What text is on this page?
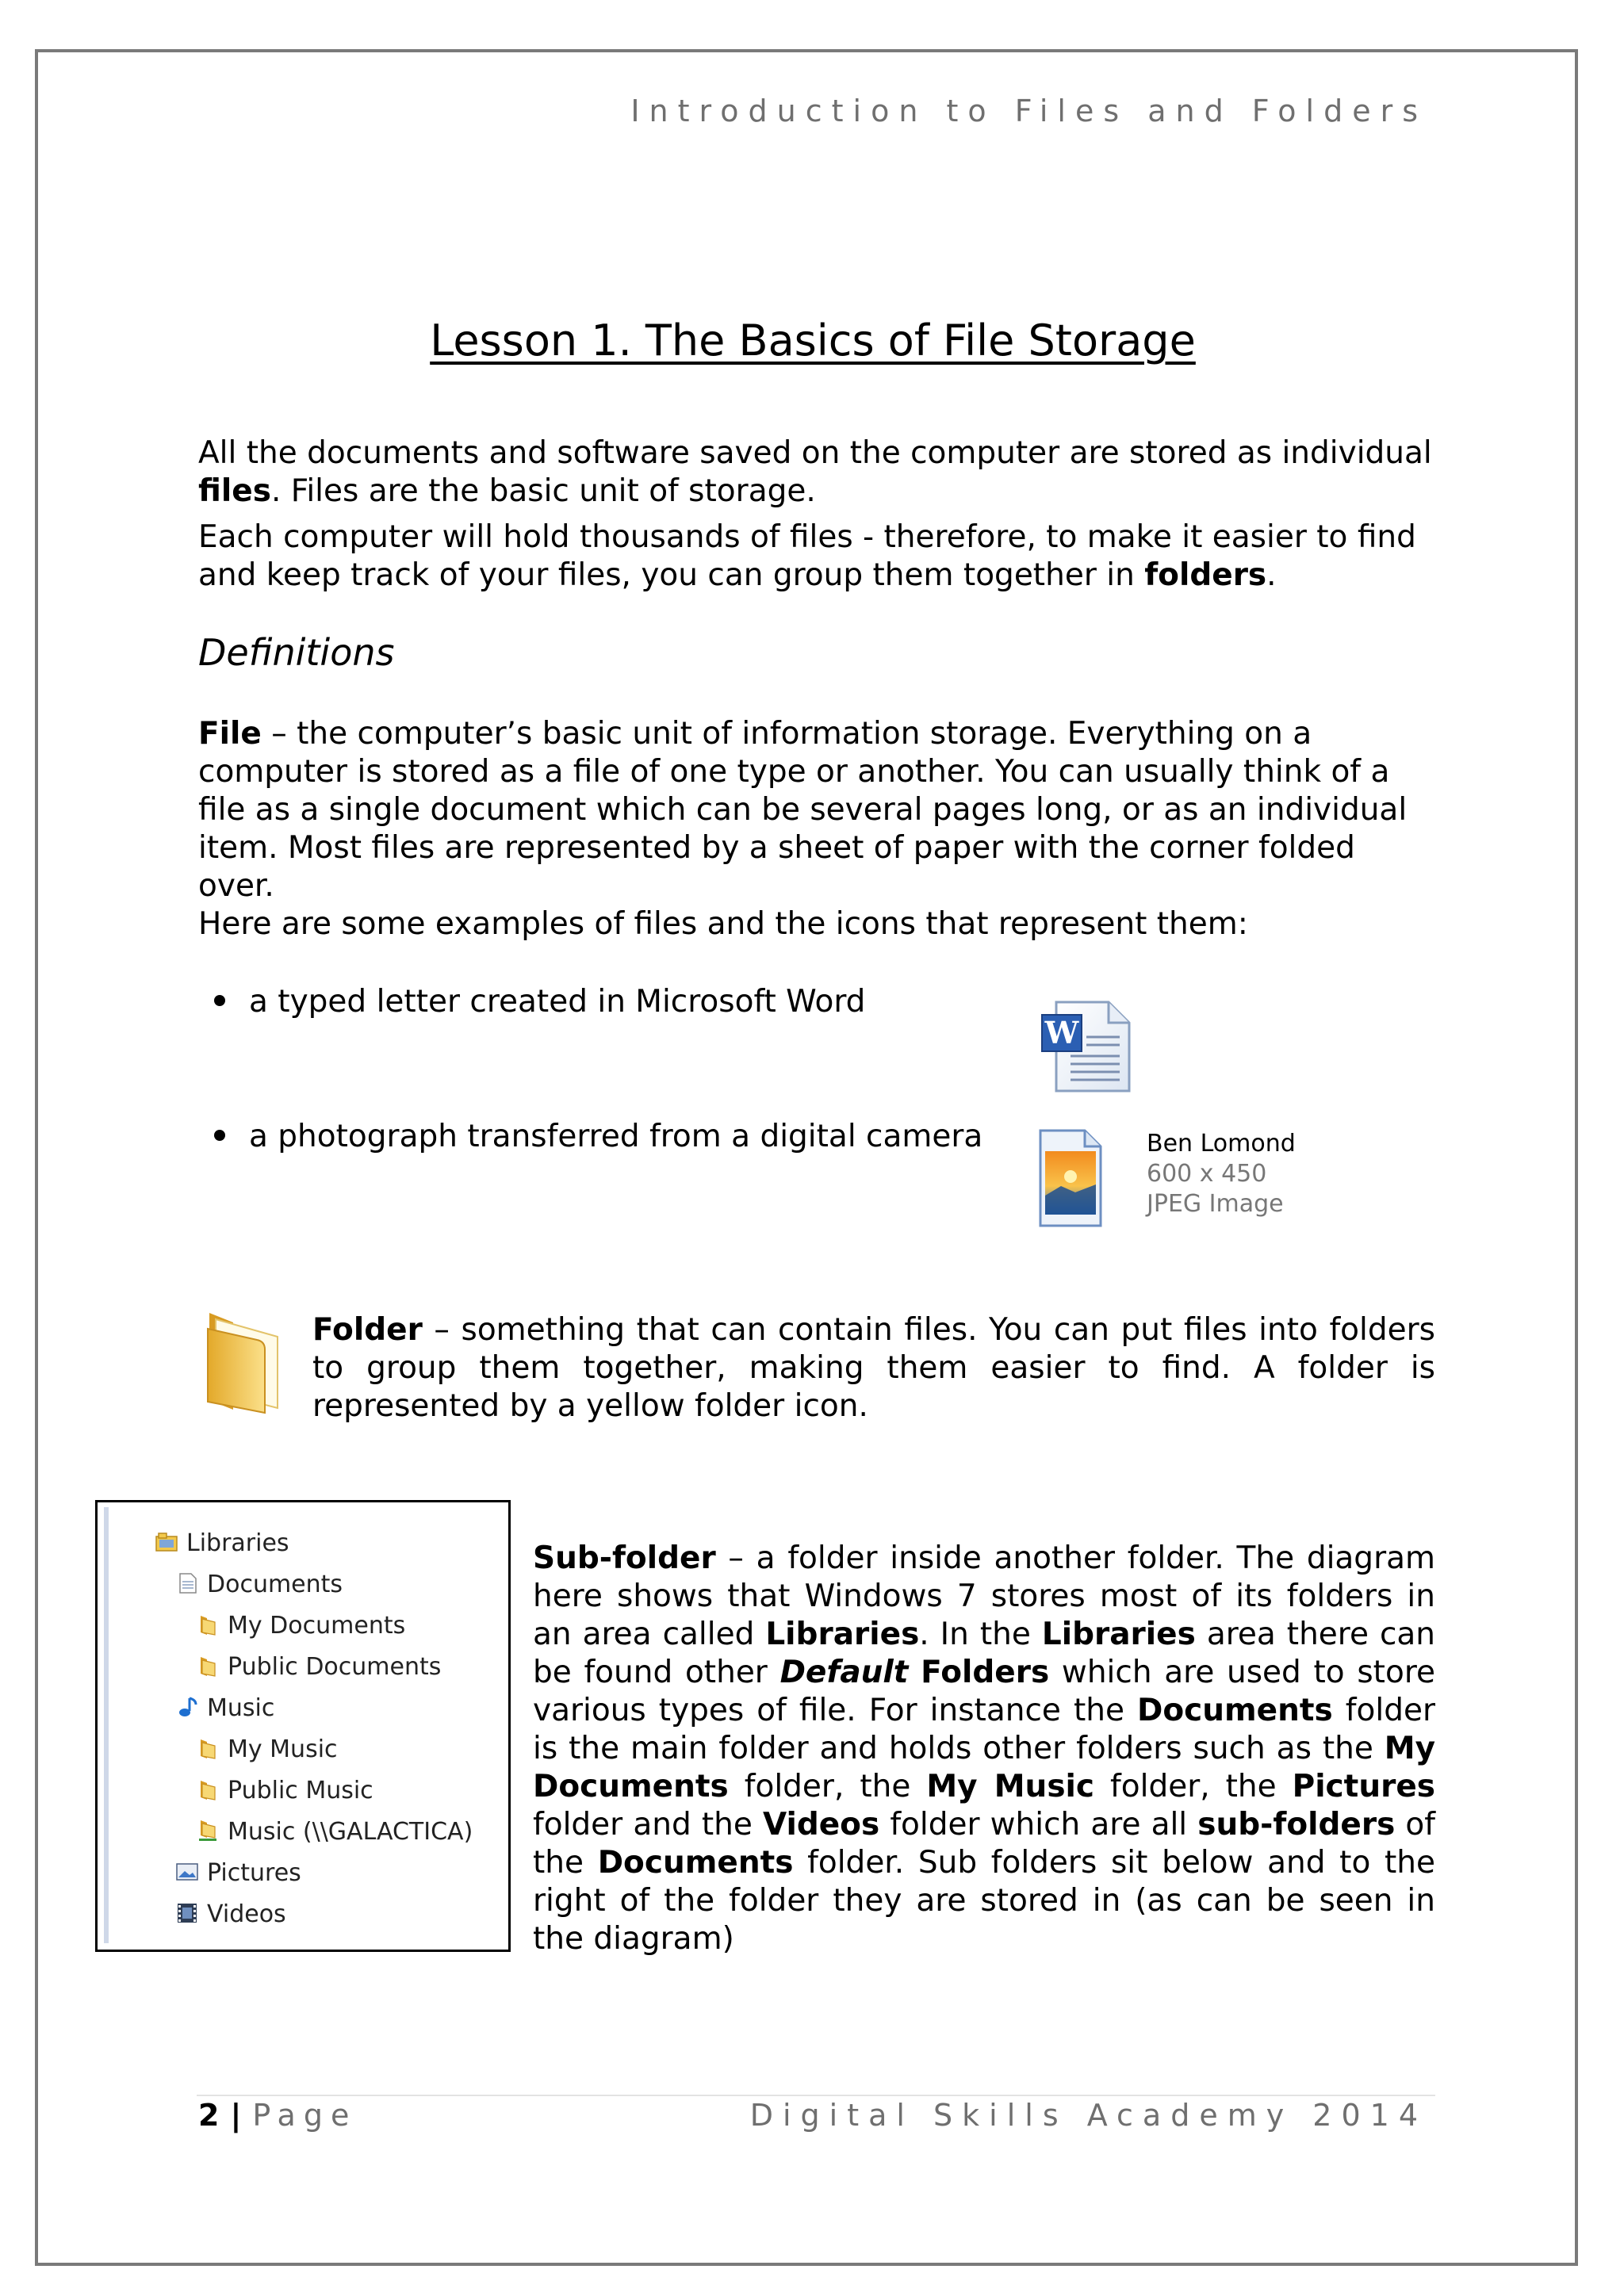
Introduction to Files and Folders
Lesson 1. The Basics of File Storage

All the documents and software saved on the computer are stored as individual files. Files are the basic unit of storage.

Each computer will hold thousands of files - therefore, to make it easier to find and keep track of your files, you can group them together in folders.

Definitions

File – the computer’s basic unit of information storage. Everything on a computer is stored as a file of one type or another. You can usually think of a file as a single document which can be several pages long, or as an individual item. Most files are represented by a sheet of paper with the corner folded over.

Here are some examples of files and the icons that represent them:

a typed letter created in Microsoft Word
a photograph transferred from a digital camera
W
Ben Lomond
600 x 450
JPEG Image

Folder – something that can contain files. You can put files into folders to group them together, making them easier to find. A folder is represented by a yellow folder icon.

Libraries
Documents
My Documents
Public Documents
Music
My Music
Public Music
Music (\\GALACTICA)
Pictures
Videos

Sub-folder – a folder inside another folder. The diagram here shows that Windows 7 stores most of its folders in an area called Libraries. In the Libraries area there can be found other Default Folders which are used to store various types of file. For instance the Documents folder is the main folder and holds other folders such as the My Documents folder, the My Music folder, the Pictures folder and the Videos folder which are all sub-folders of the Documents folder. Sub folders sit below and to the right of the folder they are stored in (as can be seen in the diagram)

2 | Page	Digital Skills Academy 2014
